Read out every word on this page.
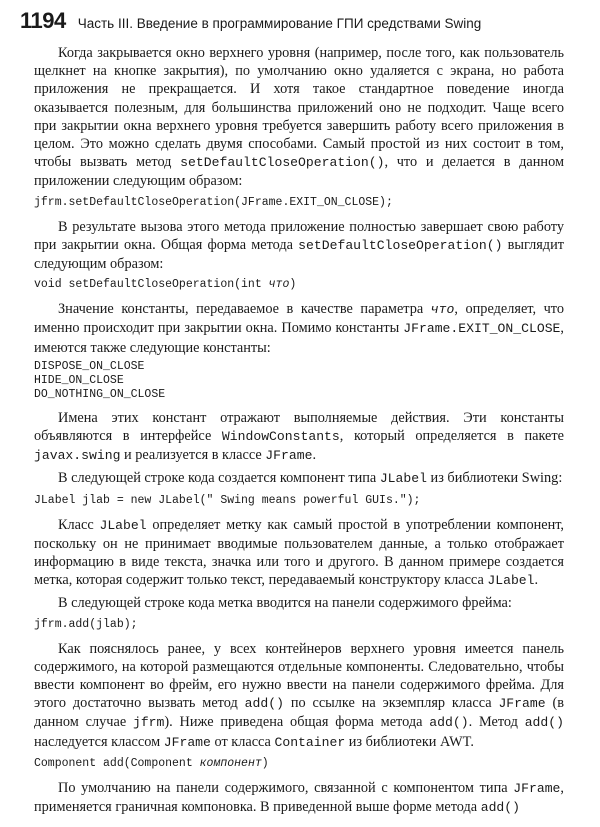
1194 Часть III. Введение в программирование ГПИ средствами Swing

Когда закрывается окно верхнего уровня (например, после того, как пользователь щелкнет на кнопке закрытия), по умолчанию окно удаляется с экрана, но работа приложения не прекращается. И хотя такое стандартное поведение иногда оказывается полезным, для большинства приложений оно не подходит. Чаще всего при закрытии окна верхнего уровня требуется завершить работу всего приложения в целом. Это можно сделать двумя способами. Самый простой из них состоит в том, чтобы вызвать метод setDefaultCloseOperation(), что и делается в данном приложении следующим образом:

jfrm.setDefaultCloseOperation(JFrame.EXIT_ON_CLOSE);

В результате вызова этого метода приложение полностью завершает свою работу при закрытии окна. Общая форма метода setDefaultCloseOperation() выглядит следующим образом:

void setDefaultCloseOperation(int что)

Значение константы, передаваемое в качестве параметра что, определяет, что именно происходит при закрытии окна. Помимо константы JFrame.EXIT_ON_CLOSE, имеются также следующие константы:

DISPOSE_ON_CLOSE
HIDE_ON_CLOSE
DO_NOTHING_ON_CLOSE

Имена этих констант отражают выполняемые действия. Эти константы объявляются в интерфейсе WindowConstants, который определяется в пакете javax.swing и реализуется в классе JFrame.

В следующей строке кода создается компонент типа JLabel из библиотеки Swing:

JLabel jlab = new JLabel(" Swing means powerful GUIs.");

Класс JLabel определяет метку как самый простой в употреблении компонент, поскольку он не принимает вводимые пользователем данные, а только отображает информацию в виде текста, значка или того и другого. В данном примере создается метка, которая содержит только текст, передаваемый конструктору класса JLabel.

В следующей строке кода метка вводится на панели содержимого фрейма:

jfrm.add(jlab);

Как пояснялось ранее, у всех контейнеров верхнего уровня имеется панель содержимого, на которой размещаются отдельные компоненты. Следовательно, чтобы ввести компонент во фрейм, его нужно ввести на панели содержимого фрейма. Для этого достаточно вызвать метод add() по ссылке на экземпляр класса JFrame (в данном случае jfrm). Ниже приведена общая форма метода add(). Метод add() наследуется классом JFrame от класса Container из библиотеки AWT.

Component add(Component компонент)

По умолчанию на панели содержимого, связанной с компонентом типа JFrame, применяется граничная компоновка. В приведенной выше форме метода add()
